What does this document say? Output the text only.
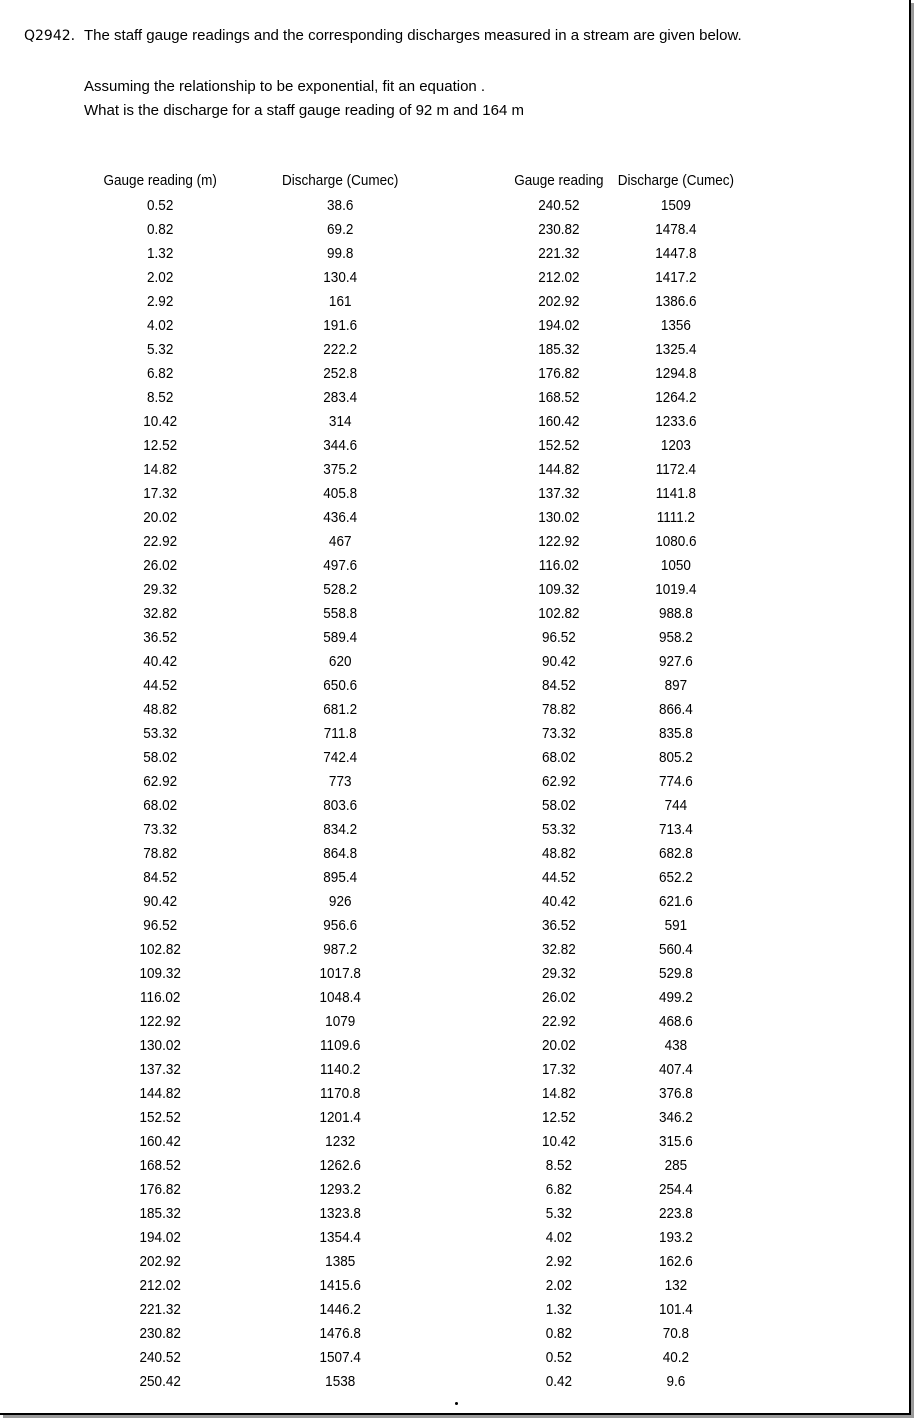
Q2942. The staff gauge readings and the corresponding discharges measured in a stream are given below.
Assuming the relationship to be exponential, fit an equation .
What is the discharge for a staff gauge reading of 92 m and 164 m
Gauge reading (m)
0.52
0.82
1.32
2.02
2.92
4.02
5.32
6.82
8.52
10.42
12.52
14.82
17.32
20.02
22.92
26.02
29.32
32.82
36.52
40.42
44.52
48.82
53.32
58.02
62.92
68.02
73.32
78.82
84.52
90.42
96.52
102.82
109.32
116.02
122.92
130.02
137.32
144.82
152.52
160.42
168.52
176.82
185.32
194.02
202.92
212.02
221.32
230.82
240.52
250.42
Discharge (Cumec)
38.6
69.2
99.8
130.4
161
191.6
222.2
252.8
283.4
314
344.6
375.2
405.8
436.4
467
497.6
528.2
558.8
589.4
620
650.6
681.2
711.8
742.4
773
803.6
834.2
864.8
895.4
926
956.6
987.2
1017.8
1048.4
1079
1109.6
1140.2
1170.8
1201.4
1232
1262.6
1293.2
1323.8
1354.4
1385
1415.6
1446.2
1476.8
1507.4
1538
Gauge reading
240.52
230.82
221.32
212.02
202.92
194.02
185.32
176.82
168.52
160.42
152.52
144.82
137.32
130.02
122.92
116.02
109.32
102.82
96.52
90.42
84.52
78.82
73.32
68.02
62.92
58.02
53.32
48.82
44.52
40.42
36.52
32.82
29.32
26.02
22.92
20.02
17.32
14.82
12.52
10.42
8.52
6.82
5.32
4.02
2.92
2.02
1.32
0.82
0.52
0.42
Discharge (Cumec)
1509
1478.4
1447.8
1417.2
1386.6
1356
1325.4
1294.8
1264.2
1233.6
1203
1172.4
1141.8
1111.2
1080.6
1050
1019.4
988.8
958.2
927.6
897
866.4
835.8
805.2
774.6
744
713.4
682.8
652.2
621.6
591
560.4
529.8
499.2
468.6
438
407.4
376.8
346.2
315.6
285
254.4
223.8
193.2
162.6
132
101.4
70.8
40.2
9.6
